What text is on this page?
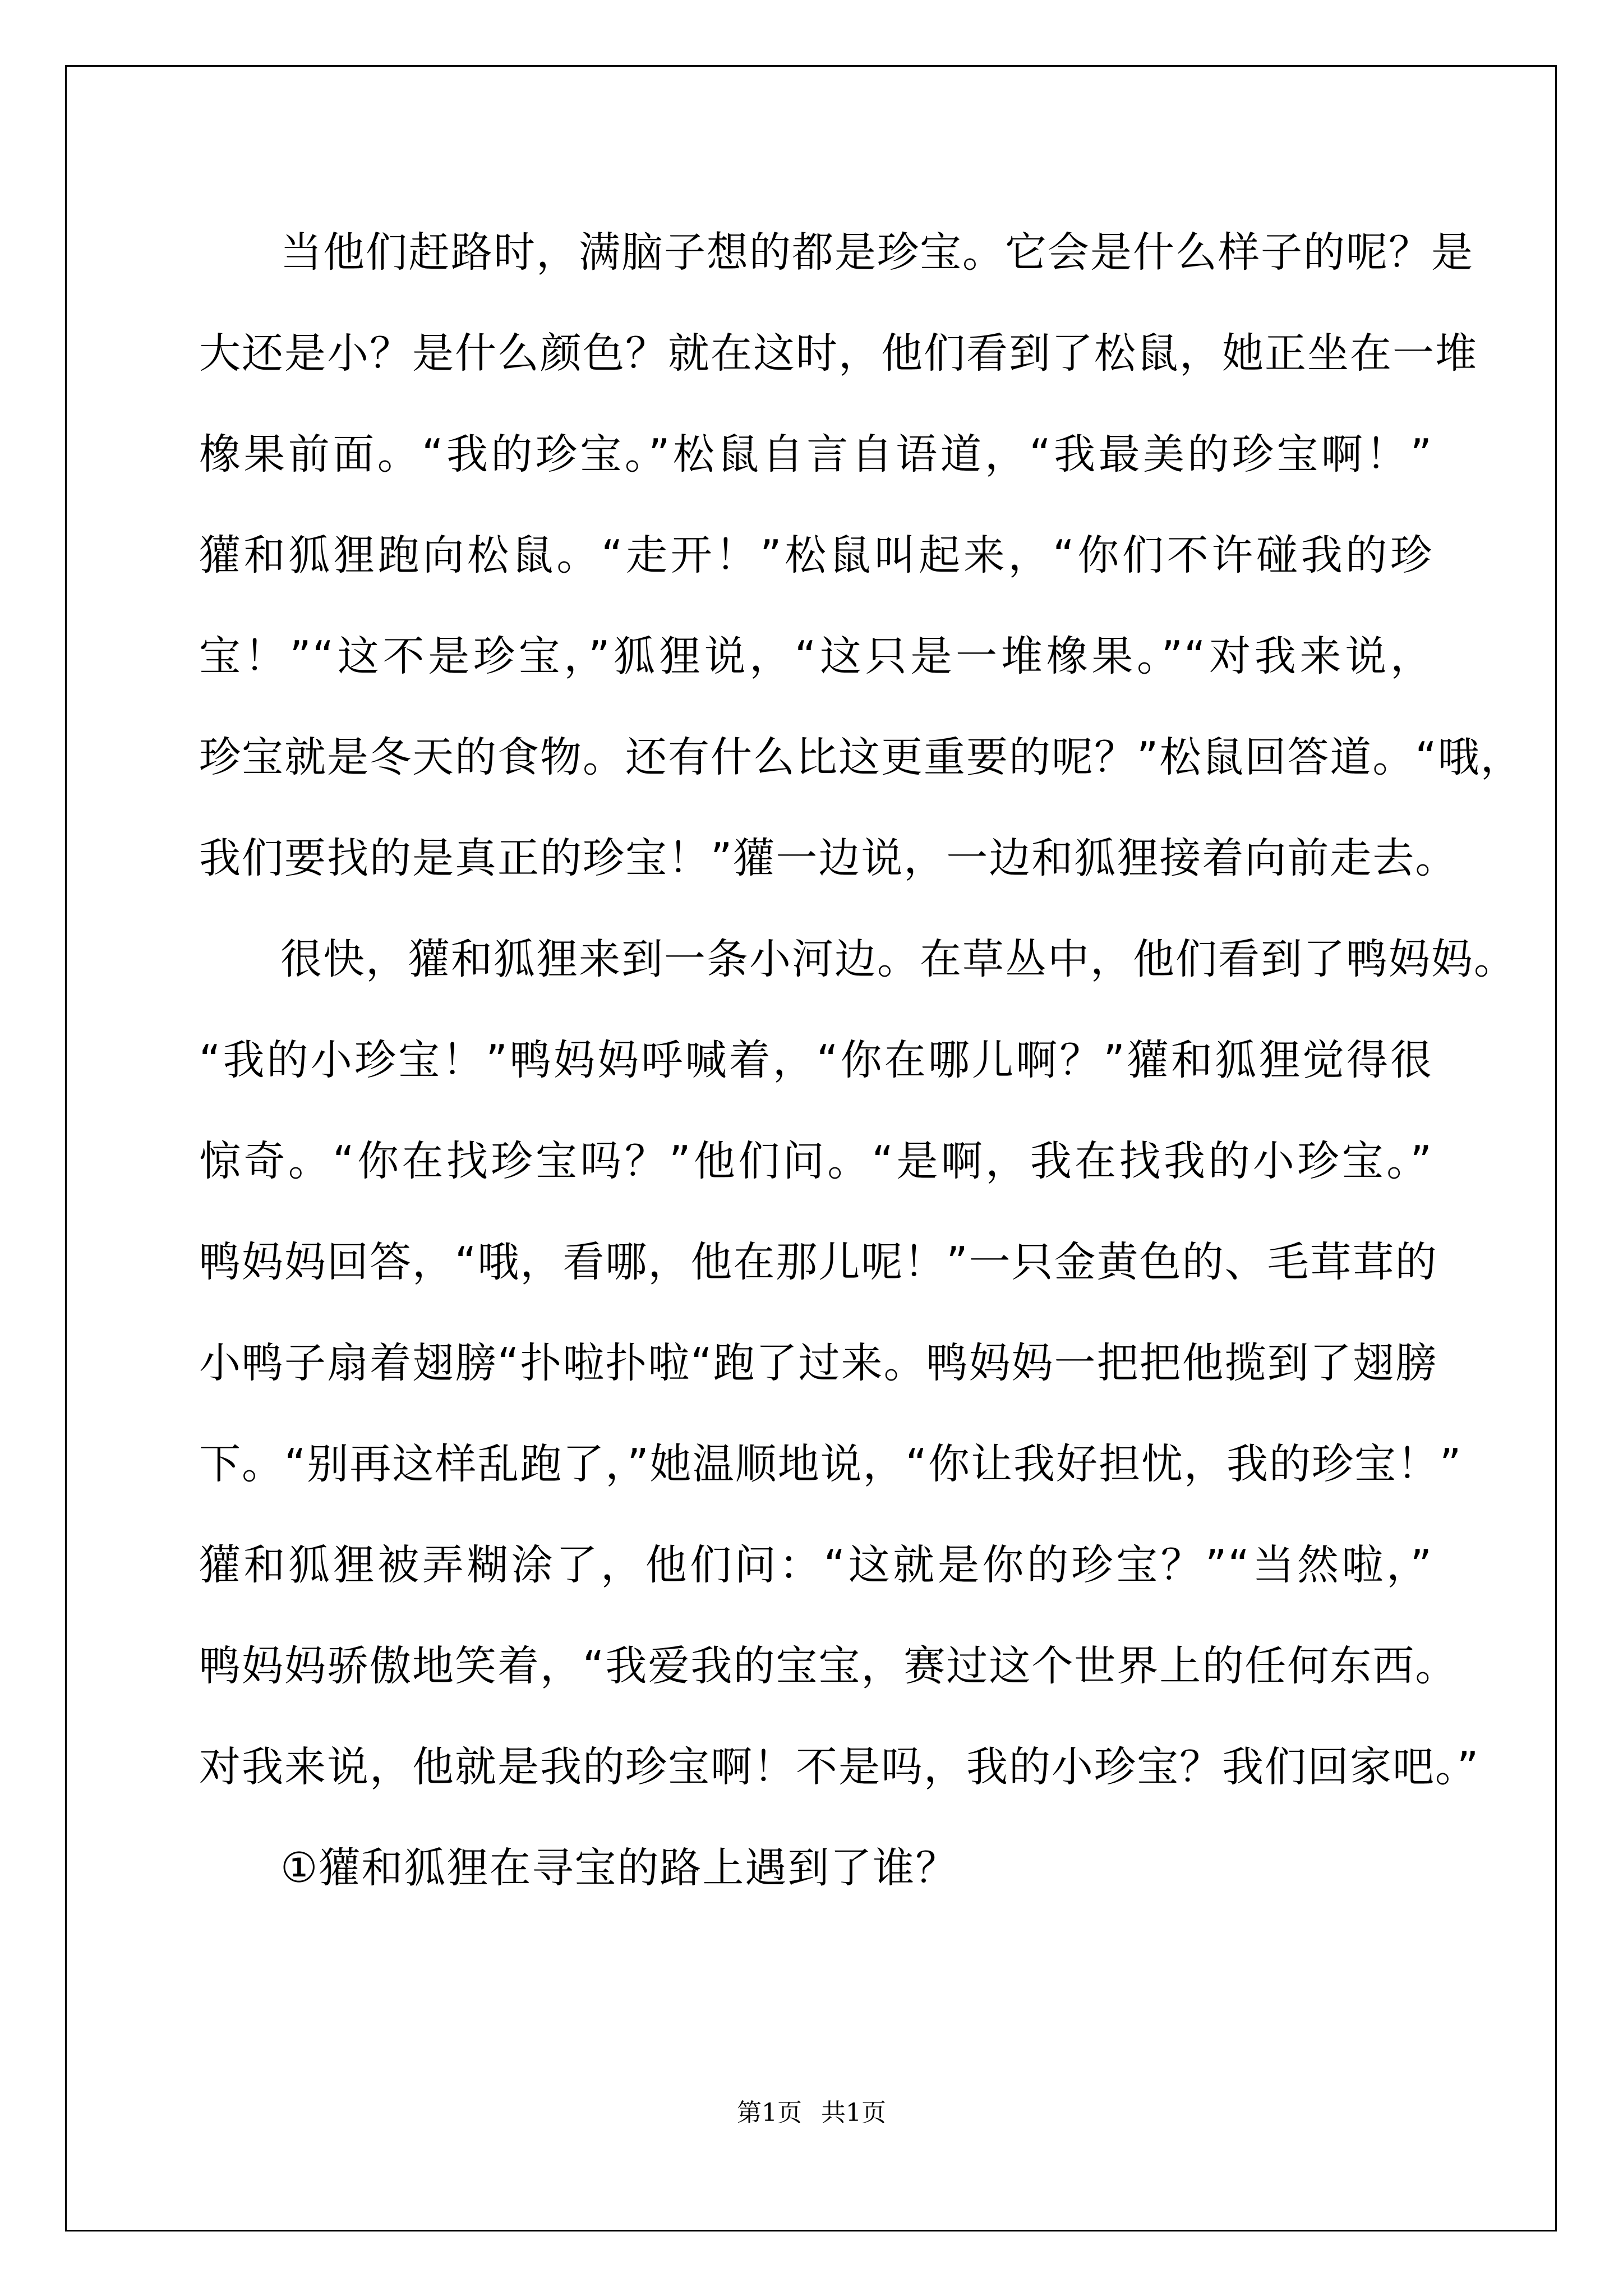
当他们赶路时，满脑子想的都是珍宝。它会是什么样子的呢？是
大还是小？是什么颜色？就在这时，他们看到了松鼠，她正坐在一堆
橡果前面。“我的珍宝。”松鼠自言自语道，“我最美的珍宝啊！”
獾和狐狸跑向松鼠。“走开！”松鼠叫起来，“你们不许碰我的珍
宝！”“这不是珍宝，”狐狸说，“这只是一堆橡果。”“对我来说，
珍宝就是冬天的食物。还有什么比这更重要的呢？”松鼠回答道。“哦，
我们要找的是真正的珍宝！”獾一边说，一边和狐狸接着向前走去。
很快，獾和狐狸来到一条小河边。在草丛中，他们看到了鸭妈妈。
“我的小珍宝！”鸭妈妈呼喊着，“你在哪儿啊？”獾和狐狸觉得很
惊奇。“你在找珍宝吗？”他们问。“是啊，我在找我的小珍宝。”
鸭妈妈回答，“哦，看哪，他在那儿呢！”一只金黄色的、毛茸茸的
小鸭子扇着翅膀“扑啦扑啦“跑了过来。鸭妈妈一把把他揽到了翅膀
下。“别再这样乱跑了，”她温顺地说，“你让我好担忧，我的珍宝！”
獾和狐狸被弄糊涂了，他们问：“这就是你的珍宝？”“当然啦，”
鸭妈妈骄傲地笑着，“我爱我的宝宝，赛过这个世界上的任何东西。
对我来说，他就是我的珍宝啊！不是吗，我的小珍宝？我们回家吧。”
①獾和狐狸在寻宝的路上遇到了谁？
第1页 共1页
